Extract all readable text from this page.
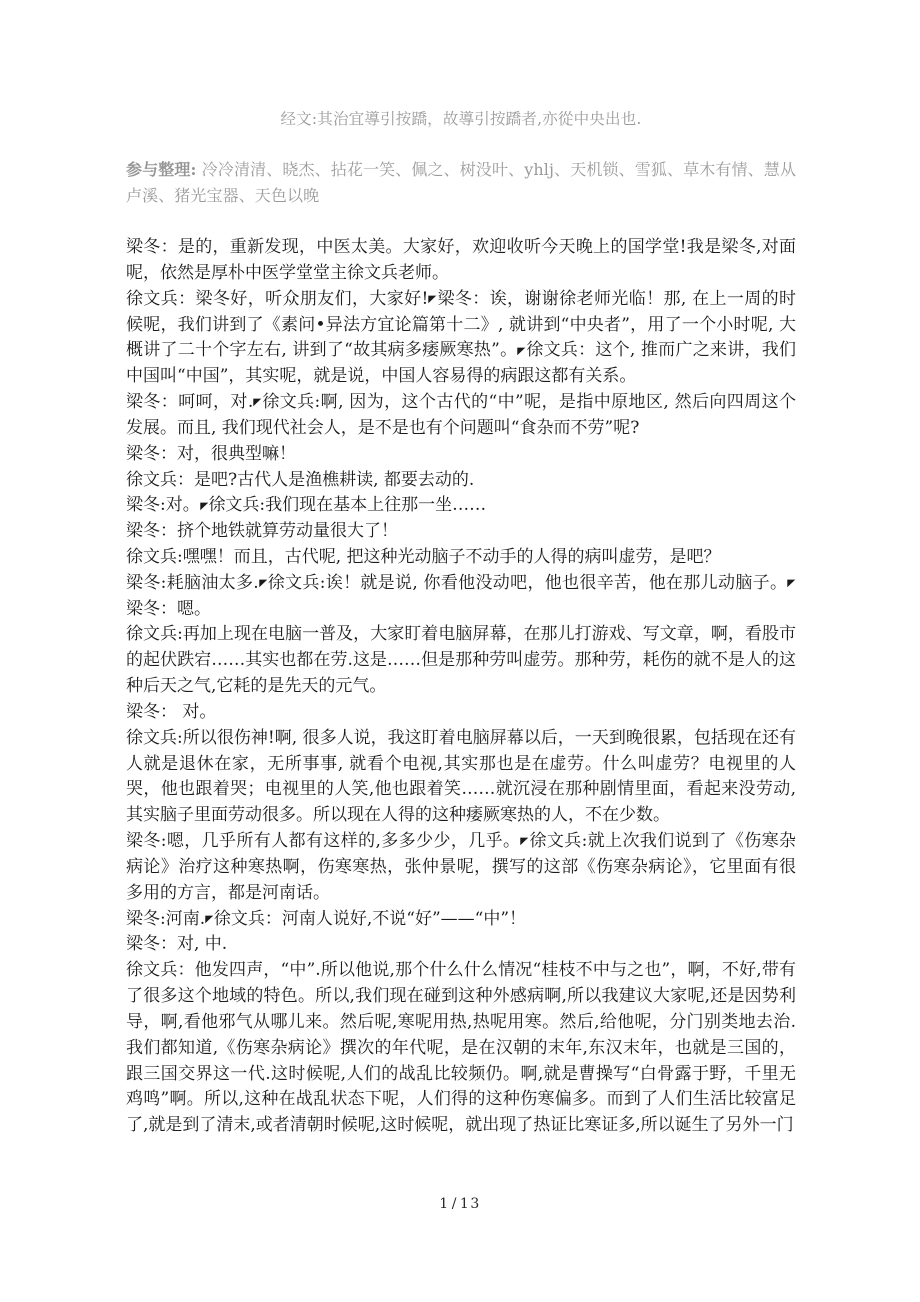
经文:其治宜導引按蹻，故導引按蹻者,亦從中央出也.

参与整理: 冷冷清清、晓杰、拈花一笑、佩之、树没叶、yhlj、天机锁、雪狐、草木有情、慧从卢溪、猪光宝器、天色以晚

梁冬：是的，重新发现，中医太美。大家好，欢迎收听今天晚上的国学堂!我是梁冬,对面呢，依然是厚朴中医学堂堂主徐文兵老师。

徐文兵：梁冬好，听众朋友们，大家好!◤梁冬：诶，谢谢徐老师光临！那, 在上一周的时候呢，我们讲到了《素问•异法方宜论篇第十二》, 就讲到“中央者”，用了一个小时呢, 大概讲了二十个字左右, 讲到了“故其病多痿厥寒热”。◤徐文兵：这个, 推而广之来讲，我们中国叫“中国”，其实呢，就是说，中国人容易得的病跟这都有关系。

梁冬：呵呵，对.◤徐文兵:啊, 因为，这个古代的“中”呢，是指中原地区, 然后向四周这个发展。而且, 我们现代社会人，是不是也有个问题叫“食杂而不劳”呢?

梁冬：对，很典型嘛！

徐文兵：是吧?古代人是渔樵耕读, 都要去动的.

梁冬:对。◤徐文兵:我们现在基本上往那一坐……

梁冬：挤个地铁就算劳动量很大了！

徐文兵:嘿嘿！而且，古代呢, 把这种光动脑子不动手的人得的病叫虚劳，是吧？

梁冬:耗脑油太多.◤徐文兵:诶！就是说, 你看他没动吧，他也很辛苦，他在那儿动脑子。◤梁冬：嗯。

徐文兵:再加上现在电脑一普及，大家盯着电脑屏幕，在那儿打游戏、写文章，啊，看股市的起伏跌宕……其实也都在劳.这是……但是那种劳叫虚劳。那种劳，耗伤的就不是人的这种后天之气,它耗的是先天的元气。

梁冬： 对。

徐文兵:所以很伤神!啊, 很多人说，我这盯着电脑屏幕以后，一天到晚很累，包括现在还有人就是退休在家，无所事事, 就看个电视,其实那也是在虚劳。什么叫虚劳？电视里的人哭，他也跟着哭；电视里的人笑,他也跟着笑……就沉浸在那种剧情里面，看起来没劳动,其实脑子里面劳动很多。所以现在人得的这种痿厥寒热的人，不在少数。

梁冬:嗯，几乎所有人都有这样的,多多少少，几乎。◤徐文兵:就上次我们说到了《伤寒杂病论》治疗这种寒热啊，伤寒寒热，张仲景呢，撰写的这部《伤寒杂病论》，它里面有很多用的方言，都是河南话。

梁冬:河南.◤徐文兵：河南人说好,不说“好”——“中”！

梁冬：对, 中.

徐文兵：他发四声，“中”.所以他说,那个什么什么情况“桂枝不中与之也”，啊，不好,带有了很多这个地域的特色。所以,我们现在碰到这种外感病啊,所以我建议大家呢,还是因势利导，啊,看他邪气从哪儿来。然后呢,寒呢用热,热呢用寒。然后,给他呢，分门别类地去治.我们都知道,《伤寒杂病论》撰次的年代呢，是在汉朝的末年,东汉末年，也就是三国的，跟三国交界这一代.这时候呢,人们的战乱比较频仍。啊,就是曹操写“白骨露于野，千里无鸡鸣”啊。所以,这种在战乱状态下呢，人们得的这种伤寒偏多。而到了人们生活比较富足了,就是到了清末,或者清朝时候呢,这时候呢，就出现了热证比寒证多,所以诞生了另外一门

1 / 13
